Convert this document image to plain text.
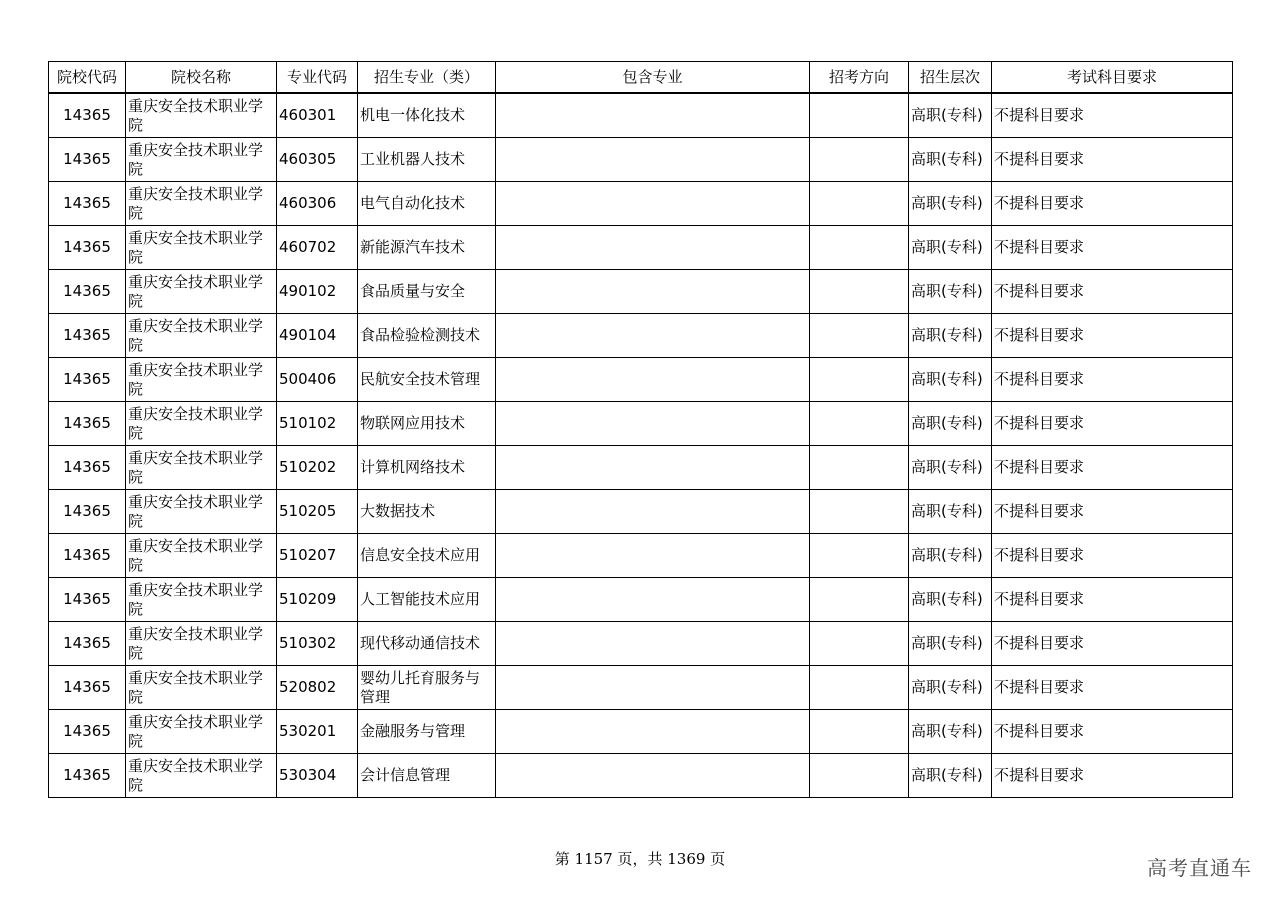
院校代码	院校名称	专业代码	招生专业（类）	包含专业	招考方向	招生层次	考试科目要求
14365	重庆安全技术职业学院	460301	机电一体化技术			高职(专科)	不提科目要求
14365	重庆安全技术职业学院	460305	工业机器人技术			高职(专科)	不提科目要求
14365	重庆安全技术职业学院	460306	电气自动化技术			高职(专科)	不提科目要求
14365	重庆安全技术职业学院	460702	新能源汽车技术			高职(专科)	不提科目要求
14365	重庆安全技术职业学院	490102	食品质量与安全			高职(专科)	不提科目要求
14365	重庆安全技术职业学院	490104	食品检验检测技术			高职(专科)	不提科目要求
14365	重庆安全技术职业学院	500406	民航安全技术管理			高职(专科)	不提科目要求
14365	重庆安全技术职业学院	510102	物联网应用技术			高职(专科)	不提科目要求
14365	重庆安全技术职业学院	510202	计算机网络技术			高职(专科)	不提科目要求
14365	重庆安全技术职业学院	510205	大数据技术			高职(专科)	不提科目要求
14365	重庆安全技术职业学院	510207	信息安全技术应用			高职(专科)	不提科目要求
14365	重庆安全技术职业学院	510209	人工智能技术应用			高职(专科)	不提科目要求
14365	重庆安全技术职业学院	510302	现代移动通信技术			高职(专科)	不提科目要求
14365	重庆安全技术职业学院	520802	婴幼儿托育服务与管理			高职(专科)	不提科目要求
14365	重庆安全技术职业学院	530201	金融服务与管理			高职(专科)	不提科目要求
14365	重庆安全技术职业学院	530304	会计信息管理			高职(专科)	不提科目要求
第 1157 页，共 1369 页	高考直通车
